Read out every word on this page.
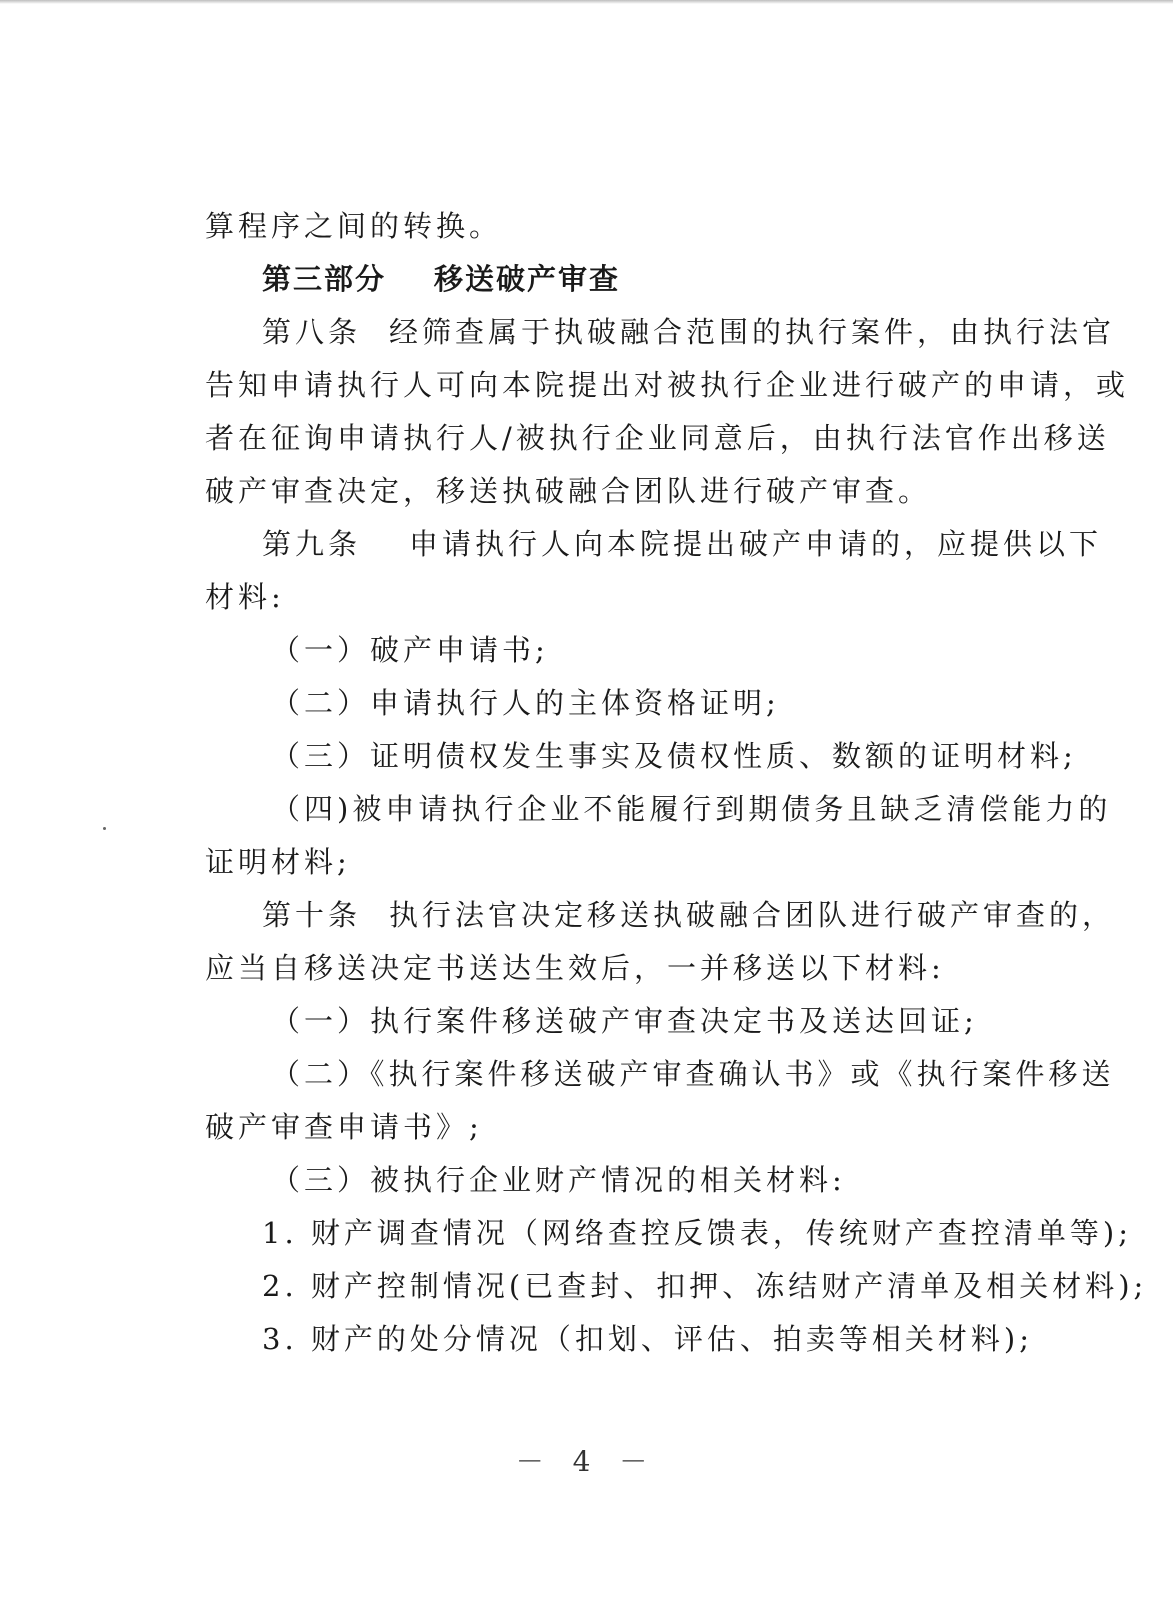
算程序之间的转换。
第三部分 移送破产审查
第八条 经筛查属于执破融合范围的执行案件，由执行法官
告知申请执行人可向本院提出对被执行企业进行破产的申请，或
者在征询申请执行人/被执行企业同意后，由执行法官作出移送
破产审查决定，移送执破融合团队进行破产审查。
第九条 申请执行人向本院提出破产申请的，应提供以下
材料:
（一）破产申请书;
（二）申请执行人的主体资格证明;
（三）证明债权发生事实及债权性质、数额的证明材料;
（四)被申请执行企业不能履行到期债务且缺乏清偿能力的
证明材料;
第十条 执行法官决定移送执破融合团队进行破产审查的，
应当自移送决定书送达生效后，一并移送以下材料:
（一）执行案件移送破产审查决定书及送达回证;
（二）《执行案件移送破产审查确认书》或《执行案件移送
破产审查申请书》;
（三）被执行企业财产情况的相关材料:
1. 财产调查情况（网络查控反馈表，传统财产查控清单等);
2. 财产控制情况(已查封、扣押、冻结财产清单及相关材料);
3. 财产的处分情况（扣划、评估、拍卖等相关材料);
－ 4 －
